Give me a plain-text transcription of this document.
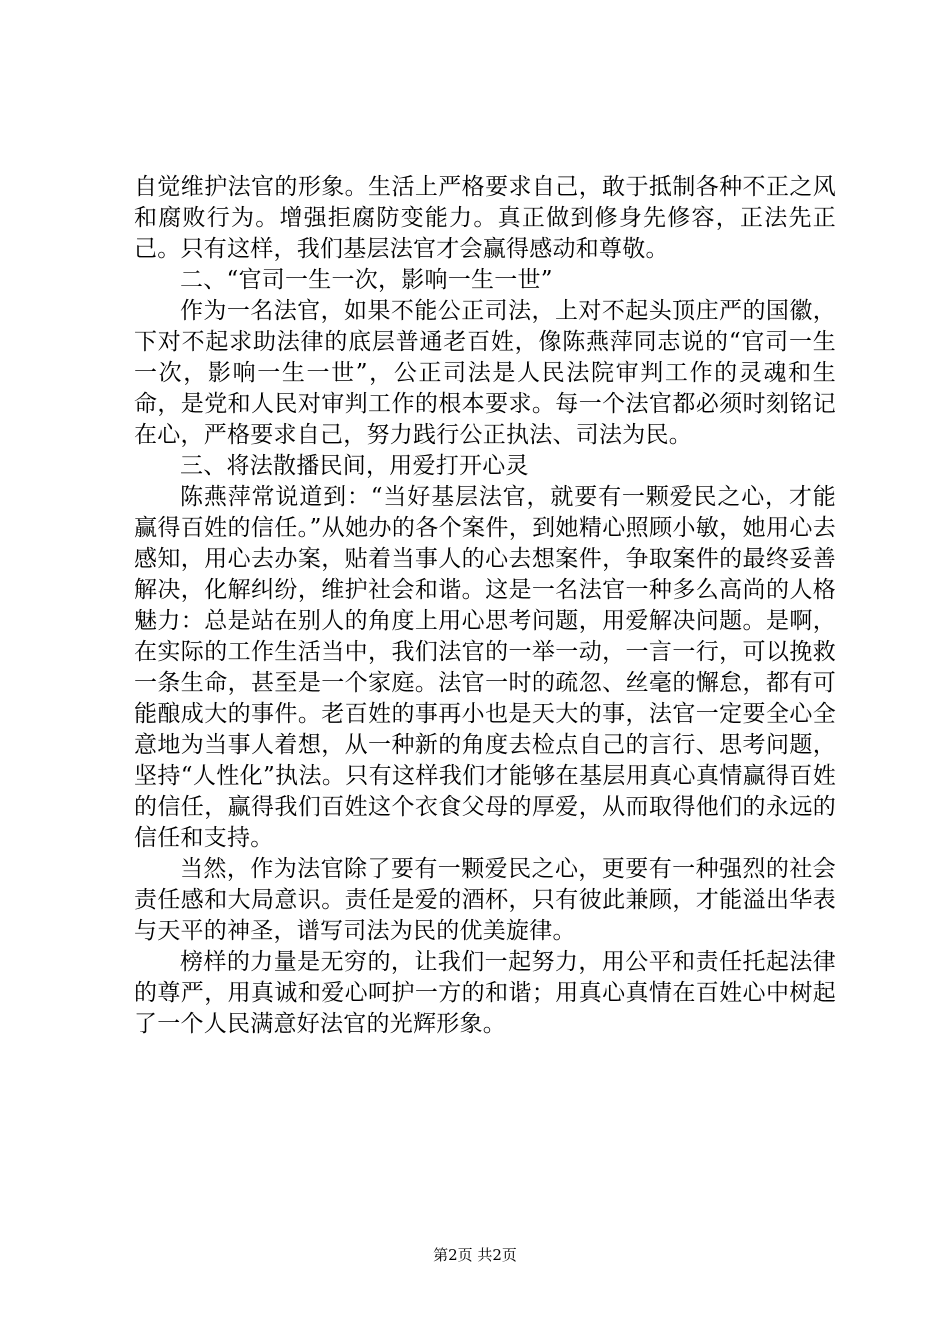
自觉维护法官的形象。生活上严格要求自己，敢于抵制各种不正之风和腐败行为。增强拒腐防变能力。真正做到修身先修容，正法先正己。只有这样，我们基层法官才会赢得感动和尊敬。

二、“官司一生一次，影响一生一世”

作为一名法官，如果不能公正司法，上对不起头顶庄严的国徽，下对不起求助法律的底层普通老百姓，像陈燕萍同志说的“官司一生一次，影响一生一世”，公正司法是人民法院审判工作的灵魂和生命，是党和人民对审判工作的根本要求。每一个法官都必须时刻铭记在心，严格要求自己，努力践行公正执法、司法为民。

三、将法散播民间，用爱打开心灵

陈燕萍常说道到：“当好基层法官，就要有一颗爱民之心，才能赢得百姓的信任。”从她办的各个案件，到她精心照顾小敏，她用心去感知，用心去办案，贴着当事人的心去想案件，争取案件的最终妥善解决，化解纠纷，维护社会和谐。这是一名法官一种多么高尚的人格魅力：总是站在别人的角度上用心思考问题，用爱解决问题。是啊，在实际的工作生活当中，我们法官的一举一动，一言一行，可以挽救一条生命，甚至是一个家庭。法官一时的疏忽、丝毫的懈怠，都有可能酿成大的事件。老百姓的事再小也是天大的事，法官一定要全心全意地为当事人着想，从一种新的角度去检点自己的言行、思考问题，坚持“人性化”执法。只有这样我们才能够在基层用真心真情赢得百姓的信任，赢得我们百姓这个衣食父母的厚爱，从而取得他们的永远的信任和支持。

当然，作为法官除了要有一颗爱民之心，更要有一种强烈的社会责任感和大局意识。责任是爱的酒杯，只有彼此兼顾，才能溢出华表与天平的神圣，谱写司法为民的优美旋律。

榜样的力量是无穷的，让我们一起努力，用公平和责任托起法律的尊严，用真诚和爱心呵护一方的和谐；用真心真情在百姓心中树起了一个人民满意好法官的光辉形象。

第2页 共2页
